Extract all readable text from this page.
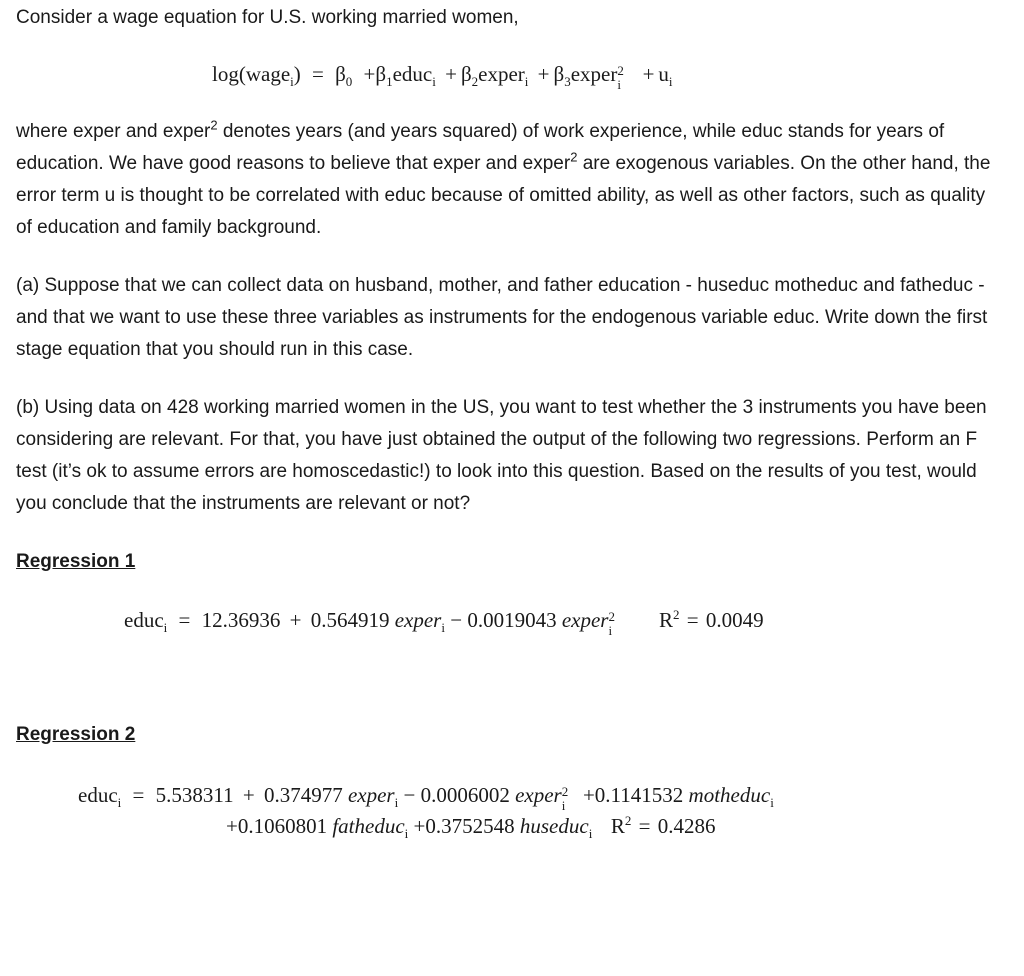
Consider a wage equation for U.S. working married women,

log(wage$_i$) = $\beta_0$ $+\beta_1educ_i$ + $\beta_2exper_i$ + $\beta_3exper$ 2
$i + u_i$

where exper and exper$^2$ denotes years (and years squared) of work experience, while educ stands for years of education. We have good reasons to believe that exper and exper$^2$ are exogenous variables. On the other hand, the error term u is thought to be correlated with educ because of omitted ability, as well as other factors, such as quality of education and family background.

(a) Suppose that we can collect data on husband, mother, and father education - huseduc motheduc and fatheduc - and that we want to use these three variables as instruments for the endogenous variable educ. Write down the first stage equation that you should run in this case.

(b) Using data on 428 working married women in the US, you want to test whether the 3 instruments you have been considering are relevant. For that, you have just obtained the output of the following two regressions. Perform an F test (it’s ok to assume errors are homoscedastic!) to look into this question. Based on the results of you test, would you conclude that the instruments are relevant or not?

Regression 1

educ$_i$ = 12.36936 + 0.564919 exper$_i$ − 0.0019043 exper 2
i $R^2 = 0.0049$

Regression 2

educ$_i$ = 5.538311 + 0.374977 exper$_i$ − 0.0006002 exper 2
i +0.1141532 motheduc$_i$
+0.1060801 fatheduc$_i$ +0.3752548 huseduc$_i$ $R^2 = 0.4286$
